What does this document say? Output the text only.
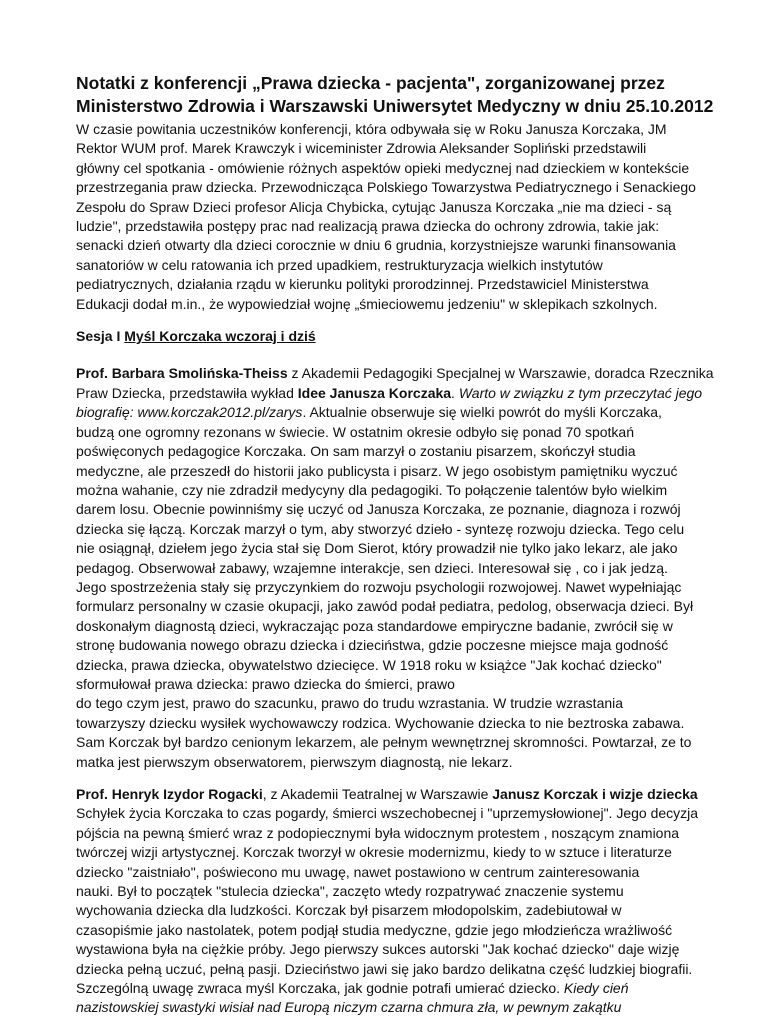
Notatki z konferencji „Prawa dziecka - pacjenta", zorganizowanej przez
Ministerstwo Zdrowia i Warszawski Uniwersytet Medyczny w dniu 25.10.2012

W czasie powitania uczestników konferencji, która odbywała się w Roku Janusza Korczaka, JM
Rektor WUM prof. Marek Krawczyk i wiceminister Zdrowia Aleksander Sopliński przedstawili
główny cel spotkania - omówienie różnych aspektów opieki medycznej nad dzieckiem w kontekście
przestrzegania praw dziecka. Przewodnicząca Polskiego Towarzystwa Pediatrycznego i Senackiego
Zespołu do Spraw Dzieci profesor Alicja Chybicka, cytując Janusza Korczaka „nie ma dzieci - są
ludzie", przedstawiła postępy prac nad realizacją prawa dziecka do ochrony zdrowia, takie jak:
senacki dzień otwarty dla dzieci corocznie w dniu 6 grudnia, korzystniejsze warunki finansowania
sanatoriów w celu ratowania ich przed upadkiem, restrukturyzacja wielkich instytutów
pediatrycznych, działania rządu w kierunku polityki prorodzinnej. Przedstawiciel Ministerstwa
Edukacji dodał m.in., że wypowiedział wojnę „śmieciowemu jedzeniu" w sklepikach szkolnych.

Sesja I Myśl Korczaka wczoraj i dziś

Prof. Barbara Smolińska-Theiss z Akademii Pedagogiki Specjalnej w Warszawie, doradca Rzecznika
Praw Dziecka, przedstawiła wykład Idee Janusza Korczaka. Warto w związku z tym przeczytać jego
biografię: www.korczak2012.pl/zarys. Aktualnie obserwuje się wielki powrót do myśli Korczaka,
budzą one ogromny rezonans w świecie. W ostatnim okresie odbyło się ponad 70 spotkań
poświęconych pedagogice Korczaka. On sam marzył o zostaniu pisarzem, skończył studia
medyczne, ale przeszedł do historii jako publicysta i pisarz. W jego osobistym pamiętniku wyczuć
można wahanie, czy nie zdradził medycyny dla pedagogiki. To połączenie talentów było wielkim
darem losu. Obecnie powinniśmy się uczyć od Janusza Korczaka, ze poznanie, diagnoza i rozwój
dziecka się łączą. Korczak marzył o tym, aby stworzyć dzieło - syntezę rozwoju dziecka. Tego celu
nie osiągnął, dziełem jego życia stał się Dom Sierot, który prowadził nie tylko jako lekarz, ale jako
pedagog. Obserwował zabawy, wzajemne interakcje, sen dzieci. Interesował się , co i jak jedzą.
Jego spostrzeżenia stały się przyczynkiem do rozwoju psychologii rozwojowej. Nawet wypełniając
formularz personalny w czasie okupacji, jako zawód podał pediatra, pedolog, obserwacja dzieci. Był
doskonałym diagnostą dzieci, wykraczając poza standardowe empiryczne badanie, zwrócił się w
stronę budowania nowego obrazu dziecka i dzieciństwa, gdzie poczesne miejsce maja godność
dziecka, prawa dziecka, obywatelstwo dziecięce. W 1918 roku w książce "Jak kochać dziecko"
sformułował prawa dziecka: prawo dziecka do śmierci, prawo
do tego czym jest, prawo do szacunku, prawo do trudu wzrastania. W trudzie wzrastania
towarzyszy dziecku wysiłek wychowawczy rodzica. Wychowanie dziecka to nie beztroska zabawa.
Sam Korczak był bardzo cenionym lekarzem, ale pełnym wewnętrznej skromności. Powtarzał, ze to
matka jest pierwszym obserwatorem, pierwszym diagnostą, nie lekarz.

Prof. Henryk Izydor Rogacki, z Akademii Teatralnej w Warszawie Janusz Korczak i wizje dziecka
Schyłek życia Korczaka to czas pogardy, śmierci wszechobecnej i "uprzemysłowionej". Jego decyzja
pójścia na pewną śmierć wraz z podopiecznymi była widocznym protestem , noszącym znamiona
twórczej wizji artystycznej. Korczak tworzył w okresie modernizmu, kiedy to w sztuce i literaturze
dziecko "zaistniało", poświecono mu uwagę, nawet postawiono w centrum zainteresowania
nauki. Był to początek "stulecia dziecka", zaczęto wtedy rozpatrywać znaczenie systemu
wychowania dziecka dla ludzkości. Korczak był pisarzem młodopolskim, zadebiutował w
czasopiśmie jako nastolatek, potem podjął studia medyczne, gdzie jego młodzieńcza wrażliwość
wystawiona była na ciężkie próby. Jego pierwszy sukces autorski "Jak kochać dziecko" daje wizję
dziecka pełną uczuć, pełną pasji. Dzieciństwo jawi się jako bardzo delikatna część ludzkiej biografii.
Szczególną uwagę zwraca myśl Korczaka, jak godnie potrafi umierać dziecko. Kiedy cień
nazistowskiej swastyki wisiał nad Europą niczym czarna chmura zła, w pewnym zakątku
